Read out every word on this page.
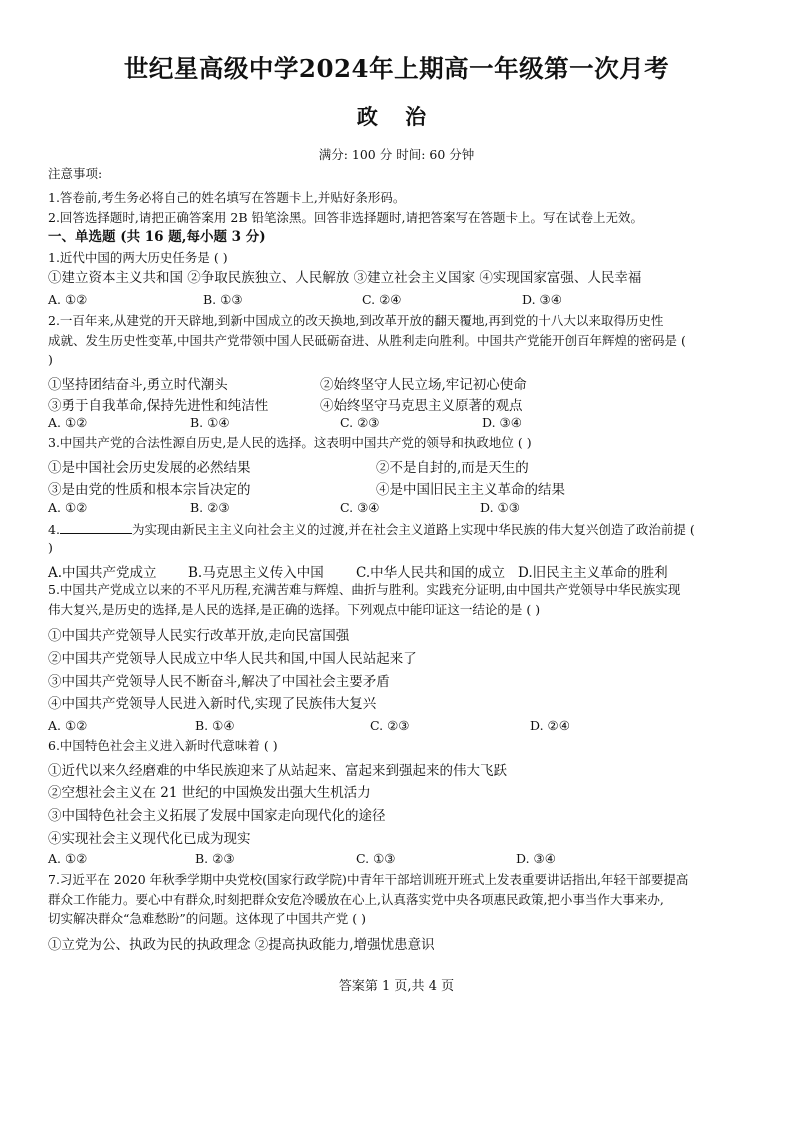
世纪星高级中学2024年上期高一年级第一次月考
政 治
满分: 100 分 时间: 60 分钟
注意事项:
1.答卷前,考生务必将自己的姓名填写在答题卡上,并贴好条形码。
2.回答选择题时,请把正确答案用 2B 铅笔涂黑。回答非选择题时,请把答案写在答题卡上。写在试卷上无效。
一、单选题 (共 16 题,每小题 3 分)
1.近代中国的两大历史任务是 ( )
①建立资本主义共和国 ②争取民族独立、人民解放 ③建立社会主义国家 ④实现国家富强、人民幸福
A. ①②	B. ①③	C. ②④	D. ③④
2.一百年来,从建党的开天辟地,到新中国成立的改天换地,到改革开放的翻天覆地,再到党的十八大以来取得历史性
成就、发生历史性变革,中国共产党带领中国人民砥砺奋进、从胜利走向胜利。中国共产党能开创百年辉煌的密码是 (
)
①坚持团结奋斗,勇立时代潮头	②始终坚守人民立场,牢记初心使命
③勇于自我革命,保持先进性和纯洁性	④始终坚守马克思主义原著的观点
A. ①②	B. ①④	C. ②③	D. ③④
3.中国共产党的合法性源自历史,是人民的选择。这表明中国共产党的领导和执政地位 ( )
①是中国社会历史发展的必然结果	②不是自封的,而是天生的
③是由党的性质和根本宗旨决定的	④是中国旧民主主义革命的结果
A. ①②	B. ②③	C. ③④	D. ①③
4.	为实现由新民主主义向社会主义的过渡,并在社会主义道路上实现中华民族的伟大复兴创造了政治前提 (
)
A.中国共产党成立 B.马克思主义传入中国 C.中华人民共和国的成立 D.旧民主主义革命的胜利
5.中国共产党成立以来的不平凡历程,充满苦难与辉煌、曲折与胜利。实践充分证明,由中国共产党领导中华民族实现
伟大复兴,是历史的选择,是人民的选择,是正确的选择。下列观点中能印证这一结论的是 ( )
①中国共产党领导人民实行改革开放,走向民富国强
②中国共产党领导人民成立中华人民共和国,中国人民站起来了
③中国共产党领导人民不断奋斗,解决了中国社会主要矛盾
④中国共产党领导人民进入新时代,实现了民族伟大复兴
A. ①②	B. ①④	C. ②③	D. ②④
6.中国特色社会主义进入新时代意味着 ( )
①近代以来久经磨难的中华民族迎来了从站起来、富起来到强起来的伟大飞跃
②空想社会主义在 21 世纪的中国焕发出强大生机活力
③中国特色社会主义拓展了发展中国家走向现代化的途径
④实现社会主义现代化已成为现实
A. ①②	B. ②③	C. ①③	D. ③④
7.习近平在 2020 年秋季学期中央党校(国家行政学院)中青年干部培训班开班式上发表重要讲话指出,年轻干部要提高
群众工作能力。要心中有群众,时刻把群众安危冷暖放在心上,认真落实党中央各项惠民政策,把小事当作大事来办,
切实解决群众“急难愁盼”的问题。这体现了中国共产党 ( )
①立党为公、执政为民的执政理念 ②提高执政能力,增强忧患意识
答案第 1 页,共 4 页
